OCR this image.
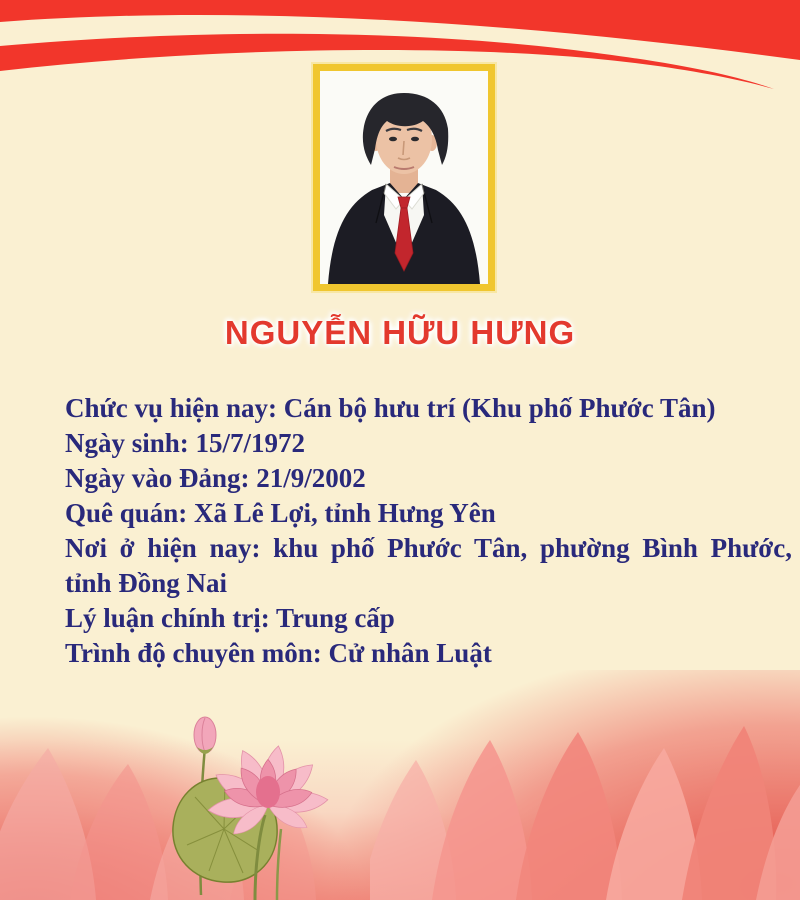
NGUYỄN HỮU HƯNG

Chức vụ hiện nay: Cán bộ hưu trí (Khu phố Phước Tân)

Ngày sinh: 15/7/1972

Ngày vào Đảng: 21/9/2002

Quê quán: Xã Lê Lợi, tỉnh Hưng Yên

Nơi ở hiện nay: khu phố Phước Tân, phường Bình Phước,

tỉnh Đồng Nai

Lý luận chính trị: Trung cấp

Trình độ chuyên môn: Cử nhân Luật
